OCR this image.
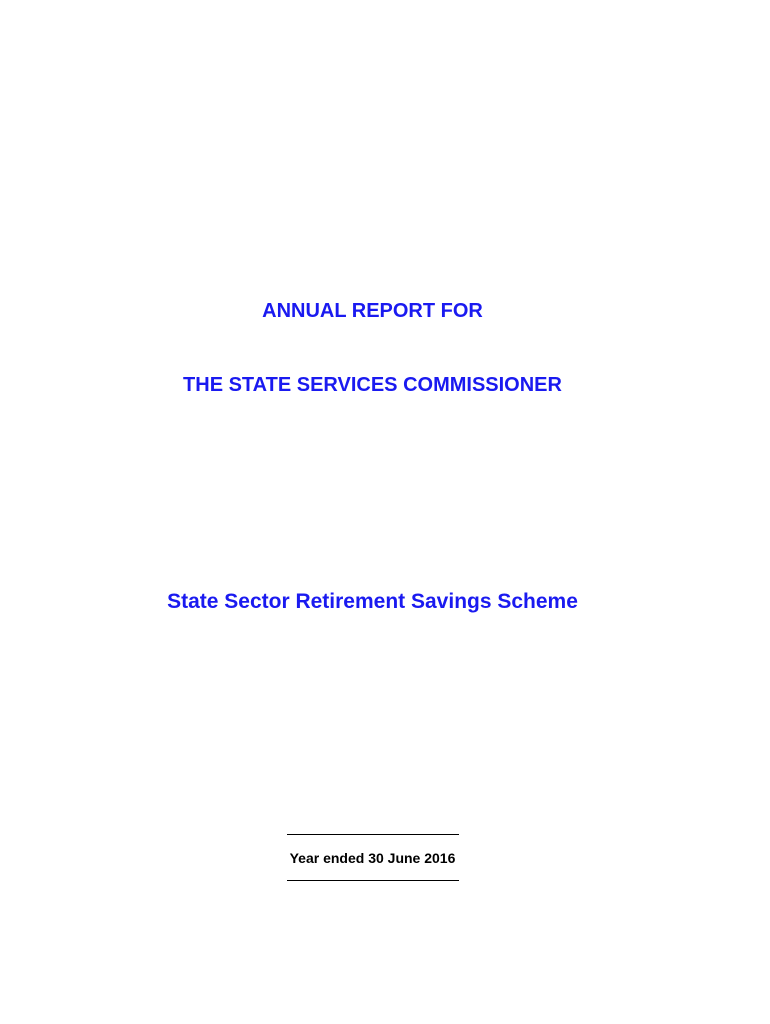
ANNUAL REPORT FOR
THE STATE SERVICES COMMISSIONER
State Sector Retirement Savings Scheme
Year ended 30 June 2016
